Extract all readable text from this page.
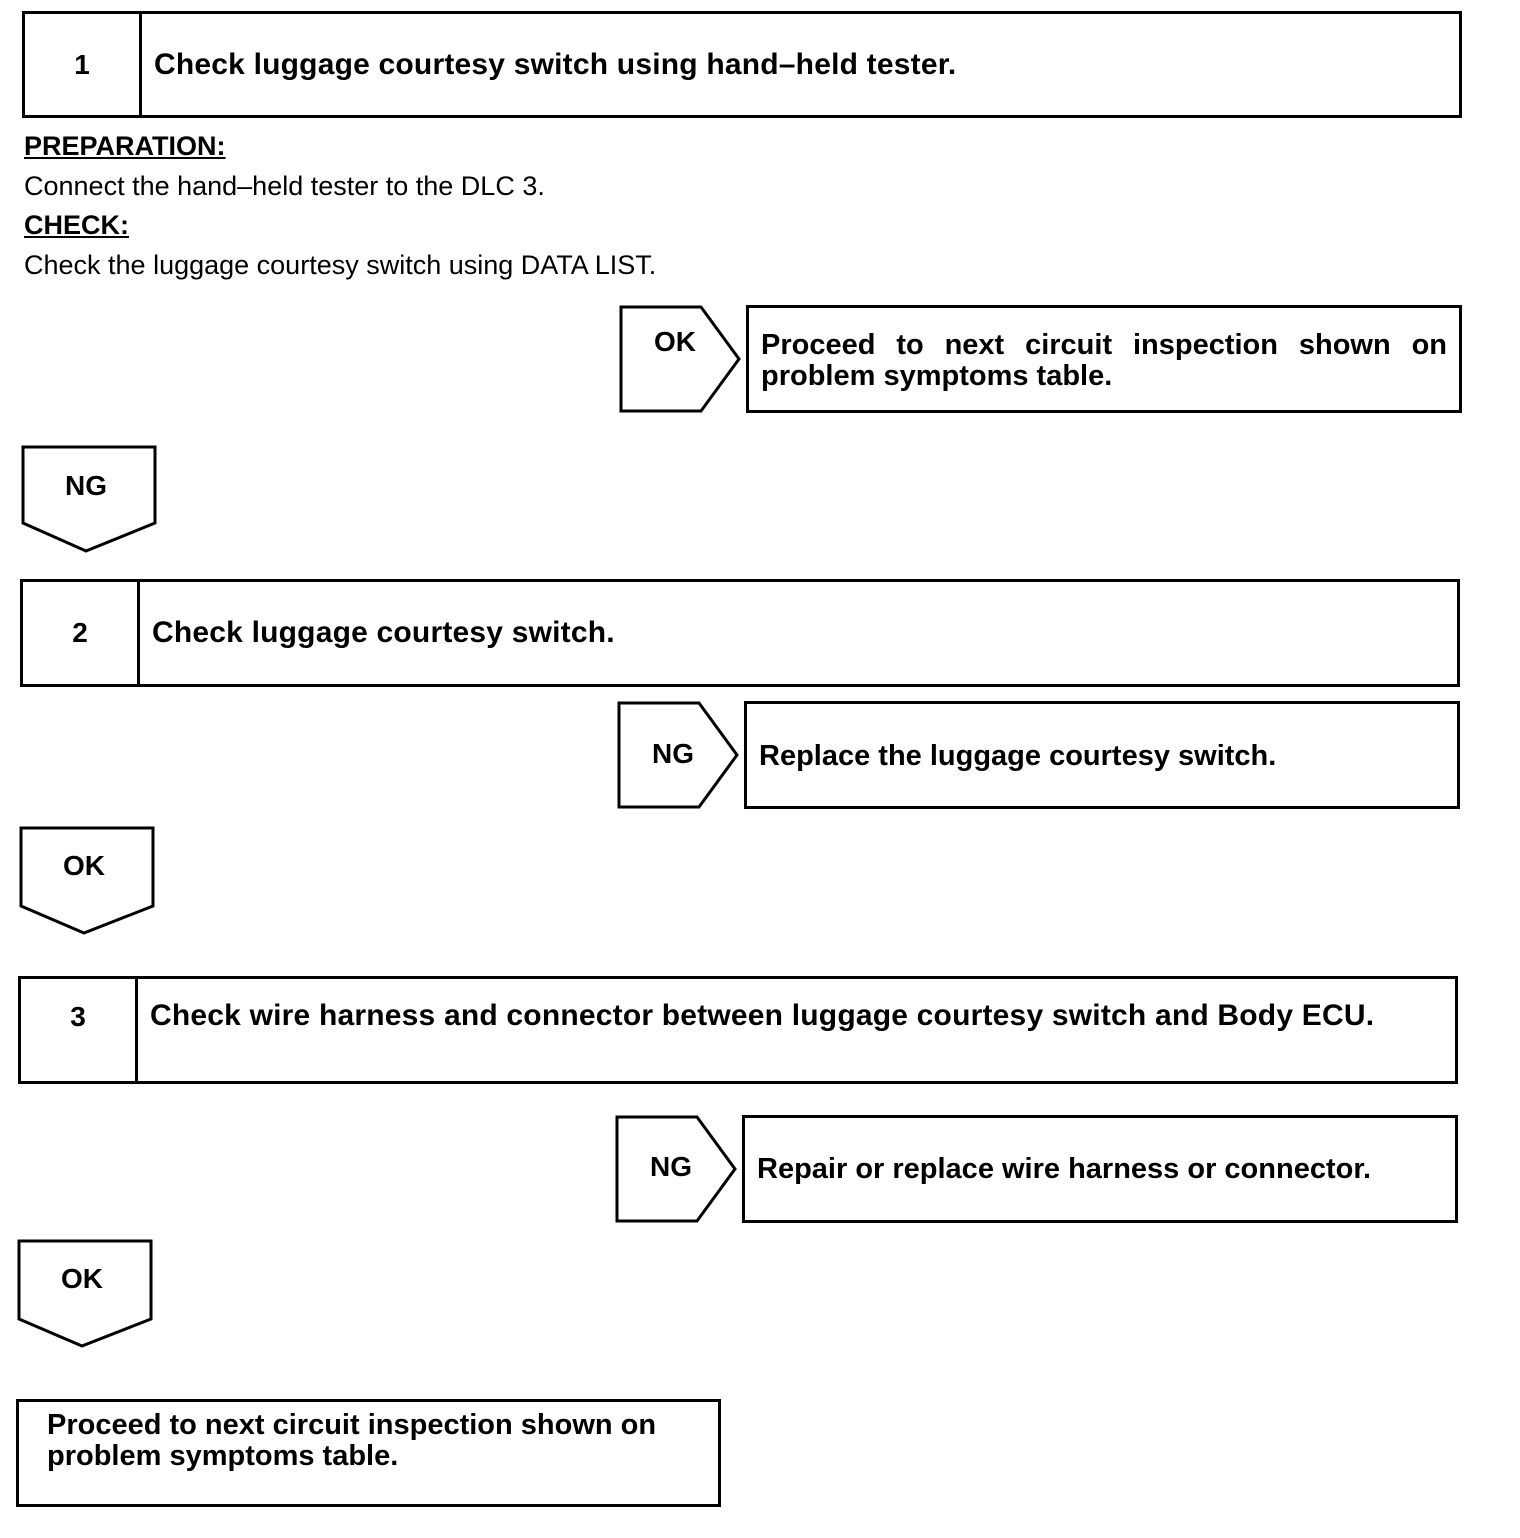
1	Check luggage courtesy switch using hand–held tester.
PREPARATION:
Connect the hand–held tester to the DLC 3.
CHECK:
Check the luggage courtesy switch using DATA LIST.
OK	Proceed to next circuit inspection shown on problem symptoms table.
NG
2	Check luggage courtesy switch.
NG	Replace the luggage courtesy switch.
OK
3	Check wire harness and connector between luggage courtesy switch and Body ECU.
NG	Repair or replace wire harness or connector.
OK
Proceed to next circuit inspection shown on problem symptoms table.
